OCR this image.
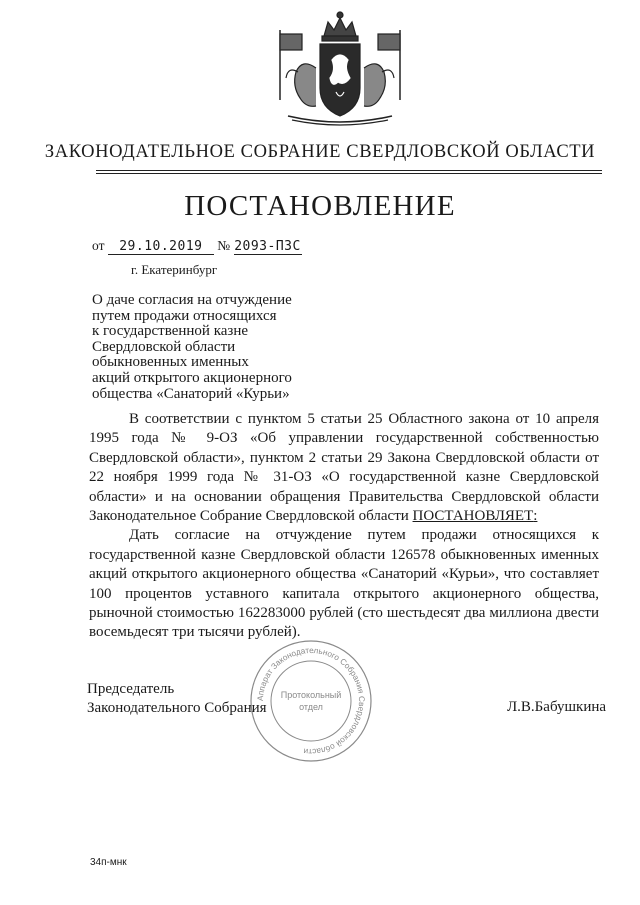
ЗАКОНОДАТЕЛЬНОЕ СОБРАНИЕ СВЕРДЛОВСКОЙ ОБЛАСТИ
ПОСТАНОВЛЕНИЕ
от 29.10.2019 № 2093-ПЗС
г. Екатеринбург
О даче согласия на отчуждение
путем продажи относящихся
к государственной казне
Свердловской области
обыкновенных именных
акций открытого акционерного
общества «Санаторий «Курьи»

В соответствии с пунктом 5 статьи 25 Областного закона от 10 апреля 1995 года № 9-ОЗ «Об управлении государственной собственностью Свердловской области», пунктом 2 статьи 29 Закона Свердловской области от 22 ноября 1999 года № 31-ОЗ «О государственной казне Свердловской области» и на основании обращения Правительства Свердловской области Законодательное Собрание Свердловской области ПОСТАНОВЛЯЕТ:

Дать согласие на отчуждение путем продажи относящихся к государственной казне Свердловской области 126578 обыкновенных именных акций открытого акционерного общества «Санаторий «Курьи», что составляет 100 процентов уставного капитала открытого акционерного общества, рыночной стоимостью 162283000 рублей (сто шестьдесят два миллиона двести восемьдесят три тысячи рублей).

Аппарат Законодательного Собрания Свердловской области
Протокольный
отдел
Председатель
Законодательного Собрания	Л.В.Бабушкина
34п-мнк
